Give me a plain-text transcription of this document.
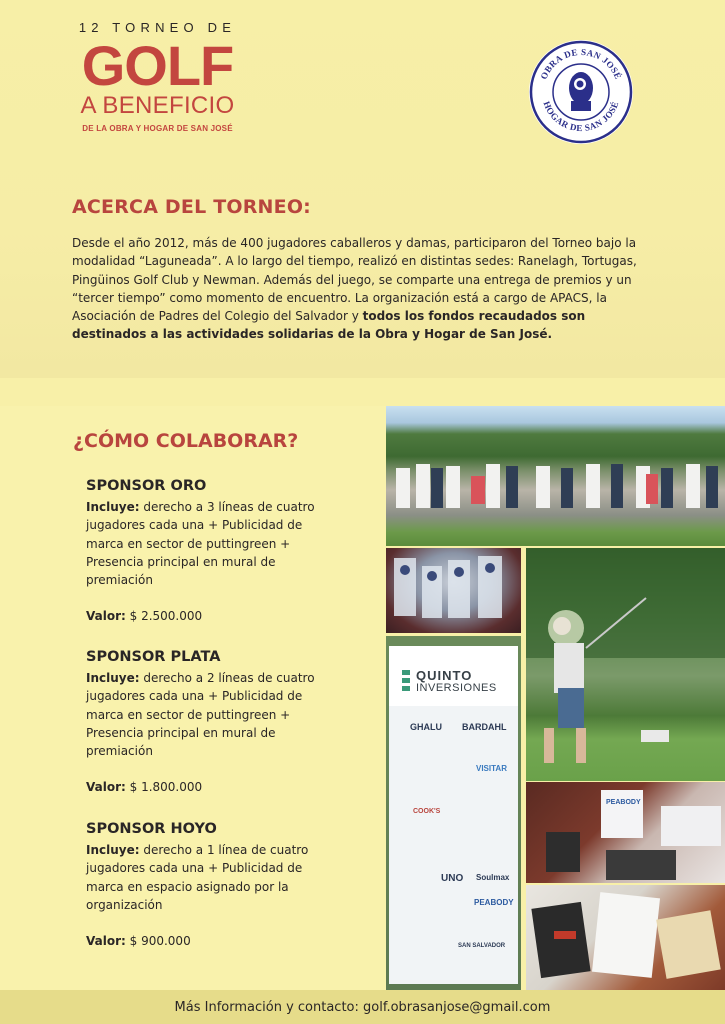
12 TORNEO DE
GOLF
A BENEFICIO
DE LA OBRA Y HOGAR DE SAN JOSÉ
OBRA DE SAN JOSÉ
HOGAR DE SAN JOSÉ
ACERCA DEL TORNEO:
Desde el año 2012, más de 400 jugadores caballeros y damas, participaron del Torneo bajo la modalidad “Laguneada”. A lo largo del tiempo, realizó en distintas sedes: Ranelagh, Tortugas, Pingüinos Golf Club y Newman. Además del juego, se comparte una entrega de premios y un “tercer tiempo” como momento de encuentro. La organización está a cargo de APACS, la Asociación de Padres del Colegio del Salvador y todos los fondos recaudados son destinados a las actividades solidarias de la Obra y Hogar de San José.
¿CÓMO COLABORAR?
SPONSOR ORO
Incluye: derecho a 3 líneas de cuatro jugadores cada una + Publicidad de marca en sector de puttingreen + Presencia principal en mural de premiación
Valor: $ 2.500.000
SPONSOR PLATA
Incluye: derecho a 2 líneas de cuatro jugadores cada una + Publicidad de marca en sector de puttingreen + Presencia principal en mural de premiación
Valor: $ 1.800.000
SPONSOR HOYO
Incluye: derecho a 1 línea de cuatro jugadores cada una + Publicidad de marca en espacio asignado por la organización
Valor: $ 900.000
QUINTO
INVERSIONES
GHALU BARDAHL
VISITAR
COOK'S
UNO Soulmax
PEABODY
SAN SALVADOR
PEABODY
Más Información y contacto: golf.obrasanjose@gmail.com
